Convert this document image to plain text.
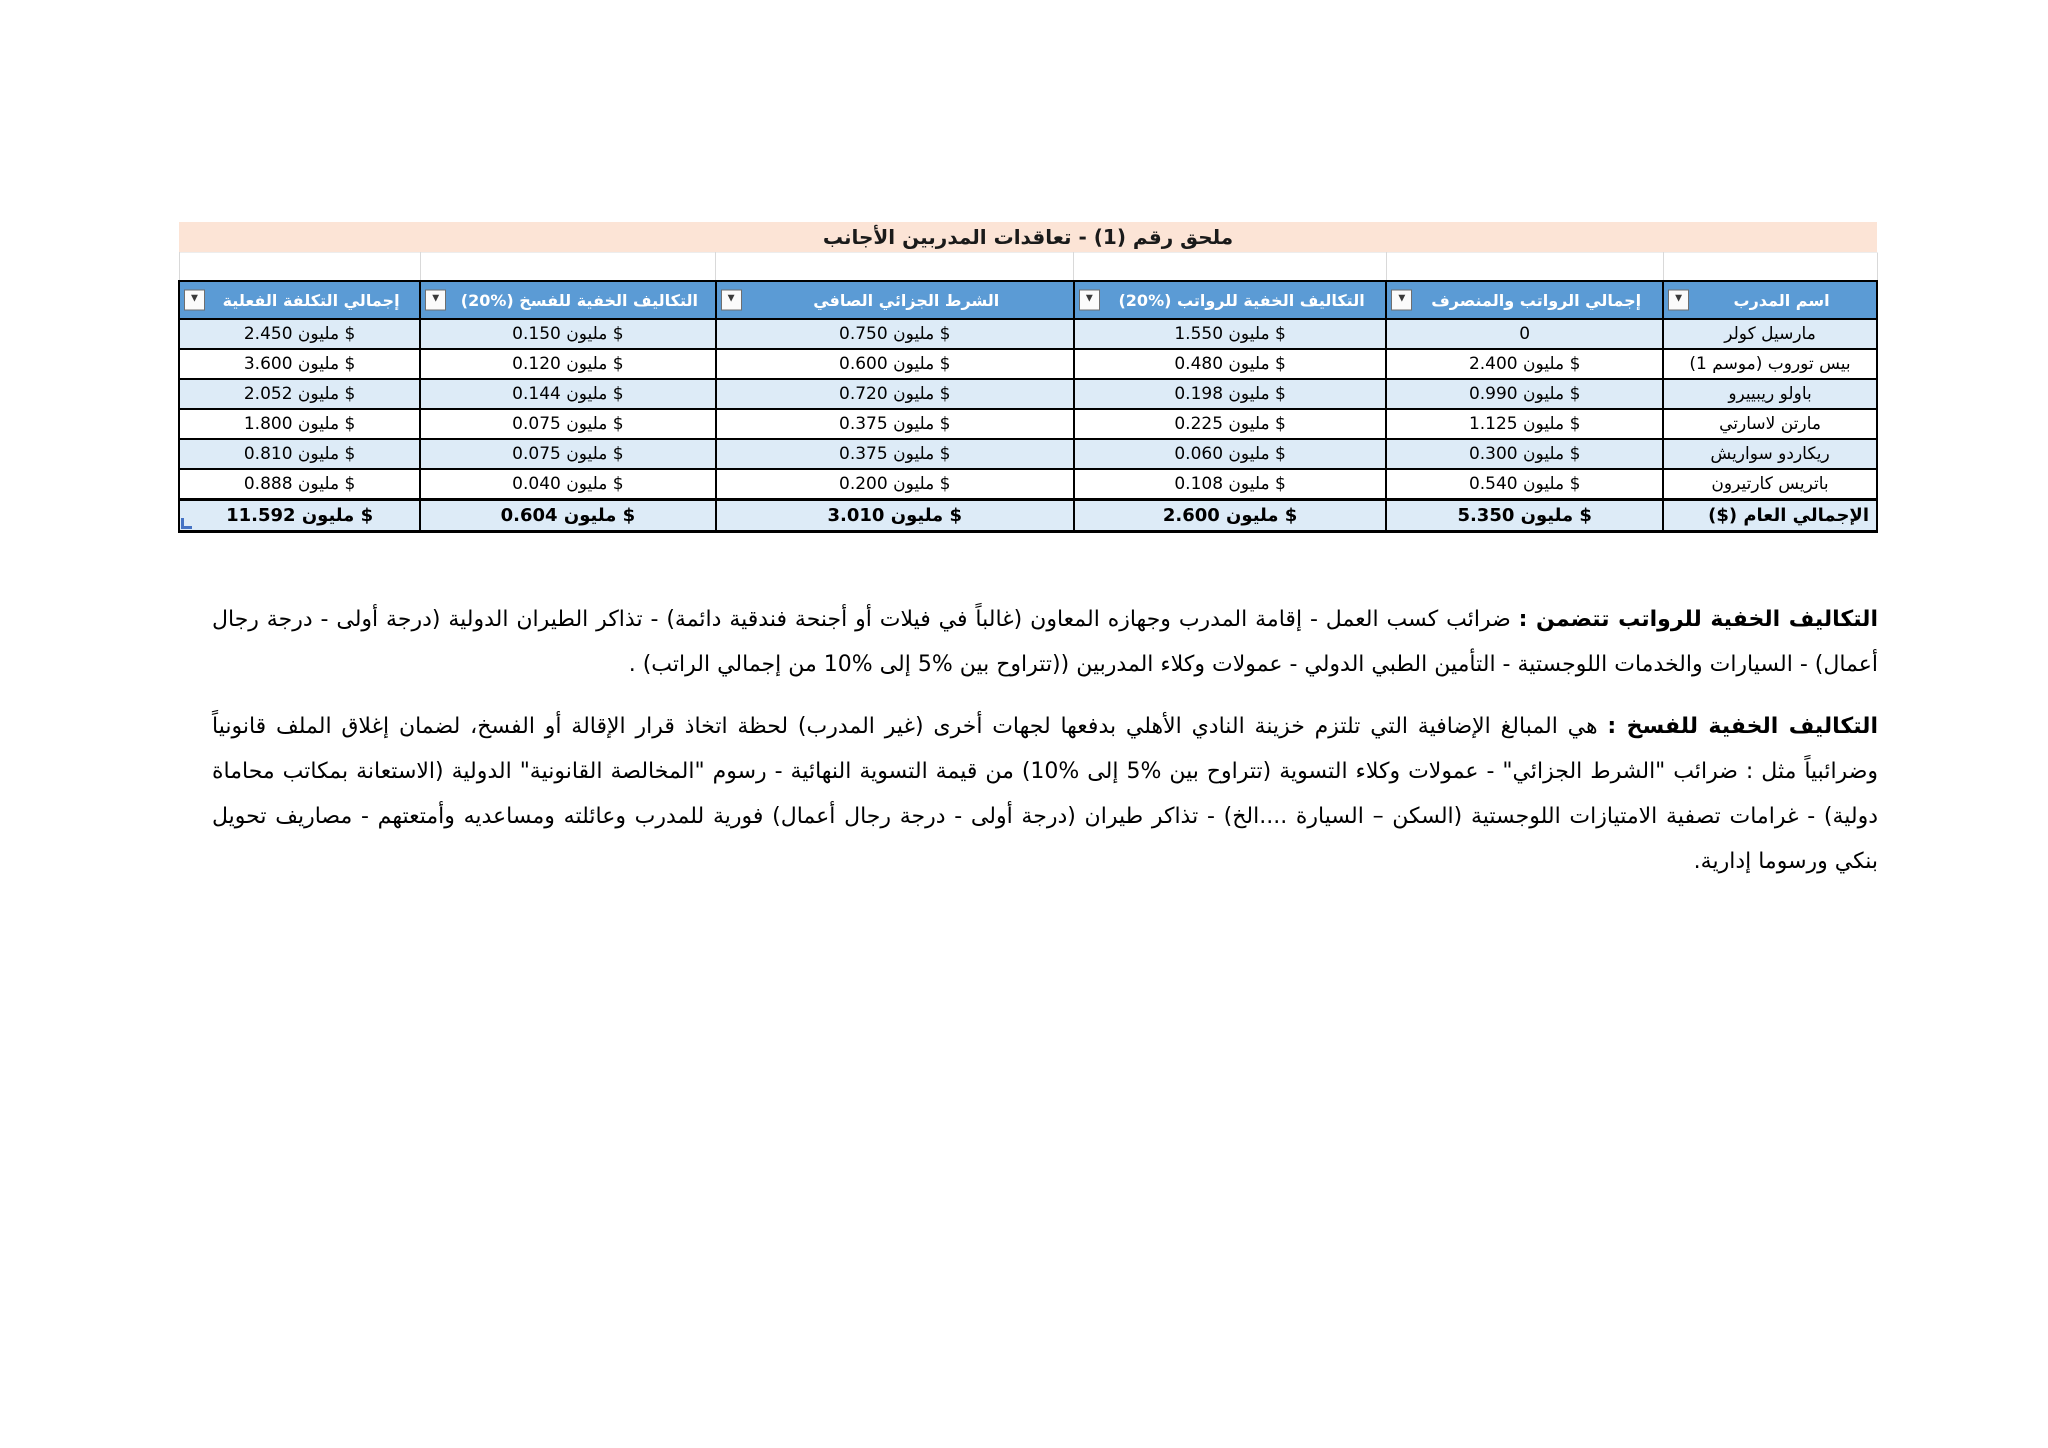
ملحق رقم (1) - تعاقدات المدربين الأجانب					

▼ اسم المدرب	▼ إجمالي الرواتب والمنصرف	▼ التكاليف الخفية للرواتب (%20)	▼ الشرط الجزائي الصافي	▼ التكاليف الخفية للفسخ (%20)	▼ إجمالي التكلفة الفعلية
مارسيل كولر	0	$ مليون 1.550	$ مليون 0.750	$ مليون 0.150	$ مليون 2.450
بيس توروب (موسم 1)	$ مليون 2.400	$ مليون 0.480	$ مليون 0.600	$ مليون 0.120	$ مليون 3.600
باولو ريبييرو	$ مليون 0.990	$ مليون 0.198	$ مليون 0.720	$ مليون 0.144	$ مليون 2.052
مارتن لاسارتي	$ مليون 1.125	$ مليون 0.225	$ مليون 0.375	$ مليون 0.075	$ مليون 1.800
ريكاردو سواريش	$ مليون 0.300	$ مليون 0.060	$ مليون 0.375	$ مليون 0.075	$ مليون 0.810
باتريس كارتيرون	$ مليون 0.540	$ مليون 0.108	$ مليون 0.200	$ مليون 0.040	$ مليون 0.888
الإجمالي العام ($)	$ مليون 5.350	$ مليون 2.600	$ مليون 3.010	$ مليون 0.604	$ مليون 11.592

التكاليف الخفية للرواتب تتضمن : ضرائب كسب العمل - إقامة المدرب وجهازه المعاون (غالباً في فيلات أو أجنحة فندقية دائمة) - تذاكر الطيران الدولية (درجة أولى - درجة رجال أعمال) - السيارات والخدمات اللوجستية - التأمين الطبي الدولي - عمولات وكلاء المدربين ((تتراوح بين %5 إلى %10 من إجمالي الراتب) .

التكاليف الخفية للفسخ : هي المبالغ الإضافية التي تلتزم خزينة النادي الأهلي بدفعها لجهات أخرى (غير المدرب) لحظة اتخاذ قرار الإقالة أو الفسخ، لضمان إغلاق الملف قانونياً وضرائبياً مثل : ضرائب "الشرط الجزائي" - عمولات وكلاء التسوية (تتراوح بين %5 إلى %10) من قيمة التسوية النهائية - رسوم "المخالصة القانونية" الدولية (الاستعانة بمكاتب محاماة دولية) - غرامات تصفية الامتيازات اللوجستية (السكن – السيارة ....الخ) - تذاكر طيران (درجة أولى - درجة رجال أعمال) فورية للمدرب وعائلته ومساعديه وأمتعتهم - مصاريف تحويل بنكي ورسوما إدارية.
